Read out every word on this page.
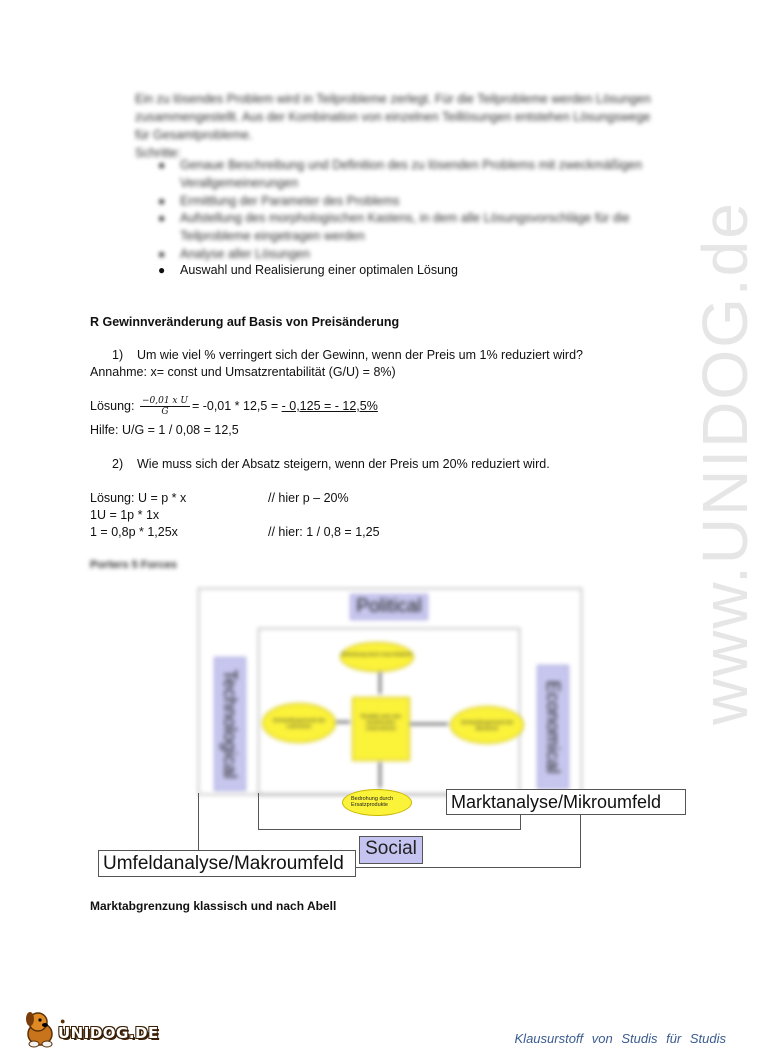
www.UNIDOG.de
Ein zu lösendes Problem wird in Teilprobleme zerlegt. Für die Teilprobleme werden Lösungen
zusammengestellt. Aus der Kombination von einzelnen Teillösungen entstehen Lösungswege
für Gesamtprobleme.
Schritte:
● Genaue Beschreibung und Definition des zu lösenden Problems mit zweckmäßigen
Verallgemeinerungen
● Ermittlung der Parameter des Problems
● Aufstellung des morphologischen Kastens, in dem alle Lösungsvorschläge für die
Teilprobleme eingetragen werden
● Analyse aller Lösungen
● Auswahl und Realisierung einer optimalen Lösung
R Gewinnveränderung auf Basis von Preisänderung
1)    Um wie viel % verringert sich der Gewinn, wenn der Preis um 1% reduziert wird?
Annahme: x= const und Umsatzrentabilität (G/U) = 8%)
Lösung: $\frac{\text{−0,01 x U}}{G} = -0,01 * 12,5$ = - 0,125 = - 12,5%
Hilfe: U/G = 1 / 0,08 = 12,5
2)    Wie muss sich der Absatz steigern, wenn der Preis um 20% reduziert wird.
Lösung: U = p * x	// hier p – 20%
1U = 1p * 1x
1 = 0,8p * 1,25x	// hier: 1 / 0,8 = 1,25
Porters 5 Forces
Political
Technological	Economical
Bedrohung durch neue Anbieter
Verhandlungsmacht der Lieferanten
Verhandlungsmacht der Abnehmer
Rivalität unter den bestehenden Unternehmen
Bedrohung durch Ersatzprodukte
Social
Marktanalyse/Mikroumfeld
Umfeldanalyse/Makroumfeld
Marktabgrenzung klassisch und nach Abell
●
UNIDOG.DE	Klausurstoff von Studis für Studis
